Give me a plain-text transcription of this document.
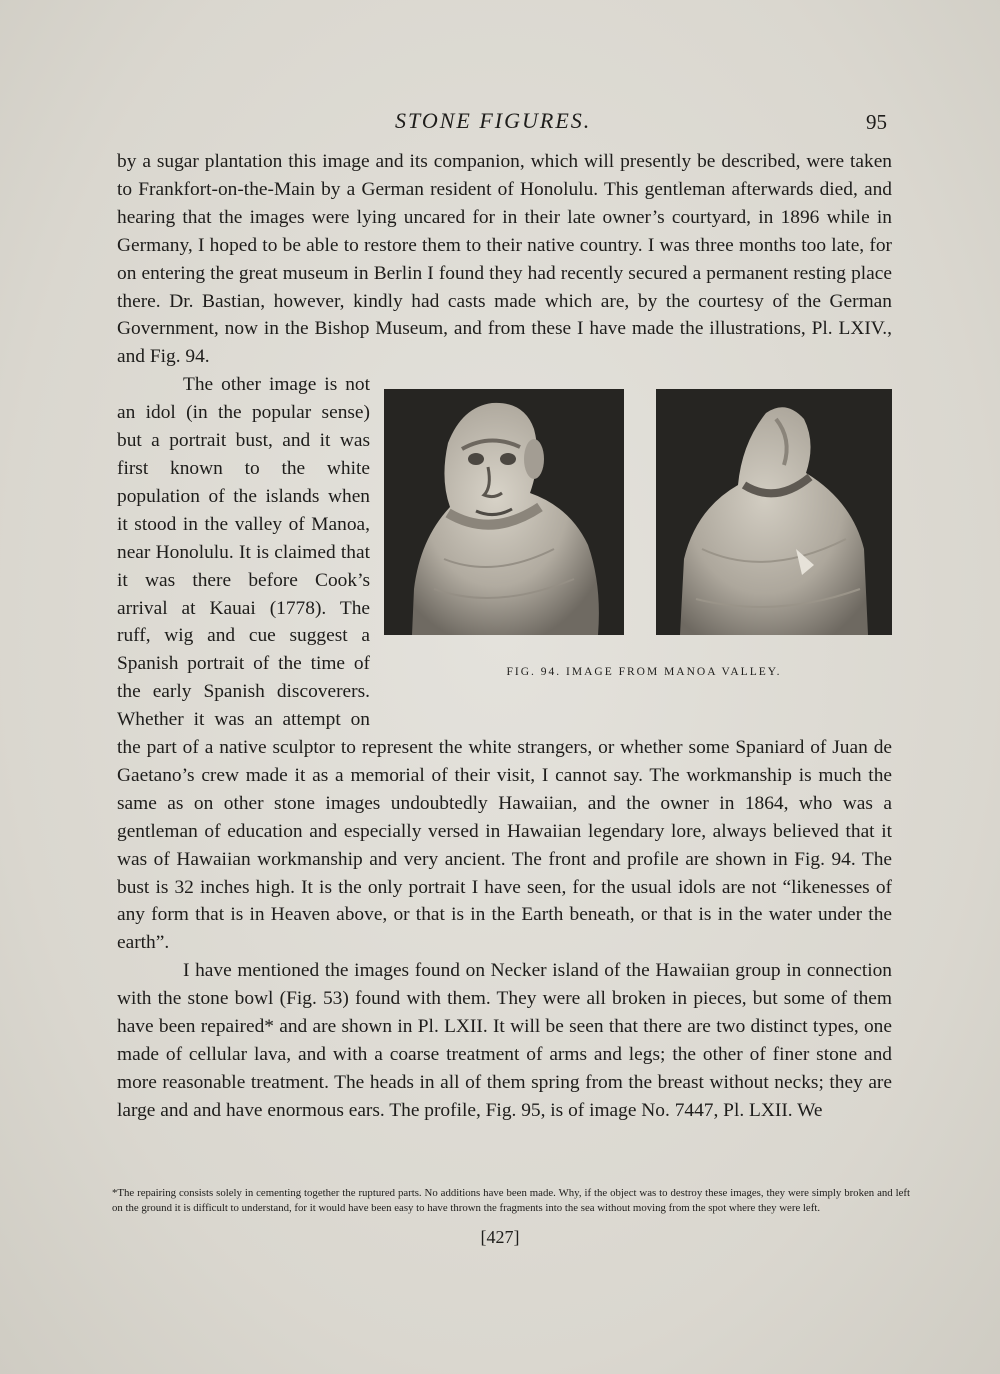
STONE FIGURES.	95

by a sugar plantation this image and its companion, which will presently be described, were taken to Frankfort-on-the-Main by a German resident of Honolulu. This gentleman afterwards died, and hearing that the images were lying uncared for in their late owner’s courtyard, in 1896 while in Germany, I hoped to be able to restore them to their native country. I was three months too late, for on entering the great museum in Berlin I found they had recently secured a permanent resting place there. Dr. Bastian, however, kindly had casts made which are, by the courtesy of the German Government, now in the Bishop Museum, and from these I have made the illustrations, Pl. LXIV., and Fig. 94.

FIG. 94. IMAGE FROM MANOA VALLEY.

The other image is not an idol (in the popular sense) but a portrait bust, and it was first known to the white population of the islands when it stood in the valley of Manoa, near Honolulu. It is claimed that it was there before Cook’s arrival at Kauai (1778). The ruff, wig and cue suggest a Spanish portrait of the time of the early Spanish discoverers. Whether it was an attempt on the part of a native sculptor to represent the white strangers, or whether some Spaniard of Juan de Gaetano’s crew made it as a memorial of their visit, I cannot say. The workmanship is much the same as on other stone images undoubtedly Hawaiian, and the owner in 1864, who was a gentleman of education and especially versed in Hawaiian legendary lore, always believed that it was of Hawaiian workmanship and very ancient. The front and profile are shown in Fig. 94. The bust is 32 inches high. It is the only portrait I have seen, for the usual idols are not “likenesses of any form that is in Heaven above, or that is in the Earth beneath, or that is in the water under the earth”.

I have mentioned the images found on Necker island of the Hawaiian group in connection with the stone bowl (Fig. 53) found with them. They were all broken in pieces, but some of them have been repaired* and are shown in Pl. LXII. It will be seen that there are two distinct types, one made of cellular lava, and with a coarse treatment of arms and legs; the other of finer stone and more reasonable treatment. The heads in all of them spring from the breast without necks; they are large and and have enormous ears. The profile, Fig. 95, is of image No. 7447, Pl. LXII. We

*The repairing consists solely in cementing together the ruptured parts. No additions have been made. Why, if the object was to destroy these images, they were simply broken and left on the ground it is difficult to understand, for it would have been easy to have thrown the fragments into the sea without moving from the spot where they were left.
[427]
